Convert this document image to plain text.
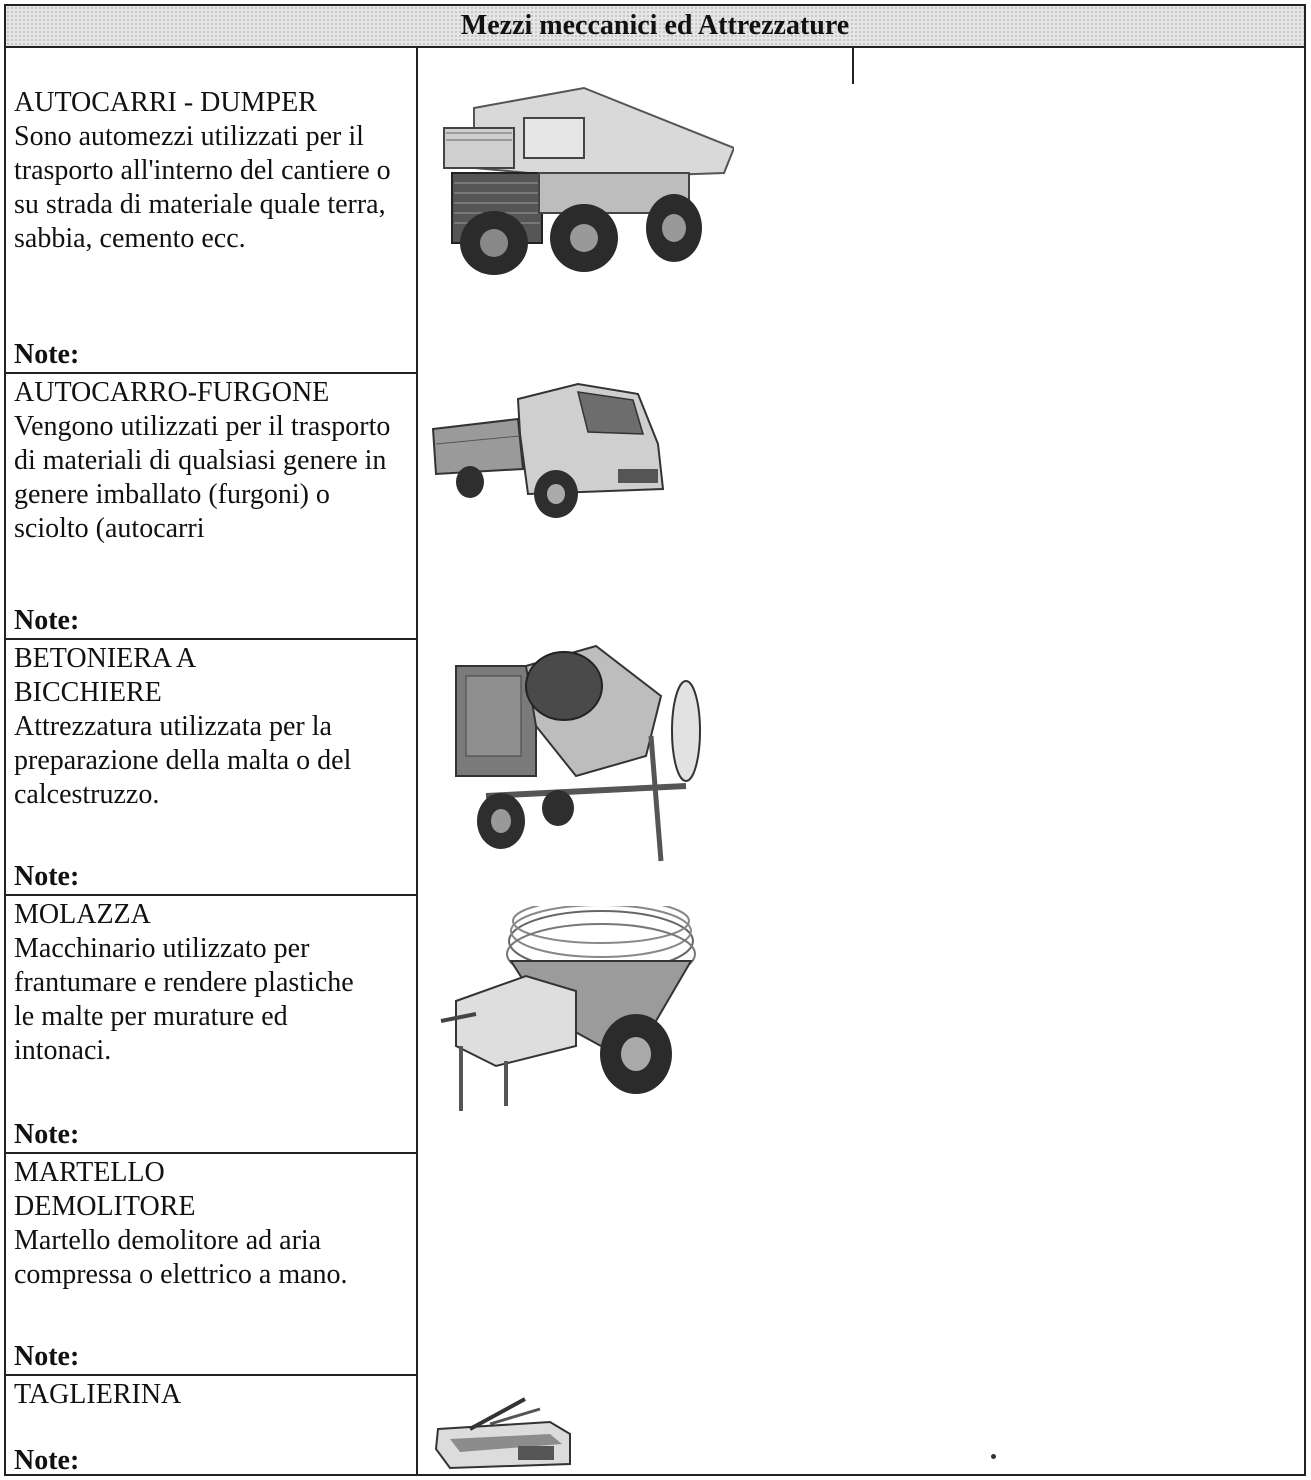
Mezzi meccanici ed Attrezzature
AUTOCARRI - DUMPER
Sono automezzi utilizzati per il trasporto all'interno del cantiere o su strada di materiale quale terra, sabbia, cemento ecc.
Note:
AUTOCARRO-FURGONE
Vengono utilizzati per il trasporto di materiali di qualsiasi genere in genere imballato (furgoni) o sciolto (autocarri
Note:
BETONIERA A BICCHIERE
Attrezzatura utilizzata per la preparazione della malta o del calcestruzzo.
Note:
MOLAZZA
Macchinario utilizzato per frantumare e rendere plastiche le malte per murature ed intonaci.
Note:
MARTELLO DEMOLITORE
Martello demolitore ad aria compressa o elettrico a mano.
Note:
TAGLIERINA
Note:
